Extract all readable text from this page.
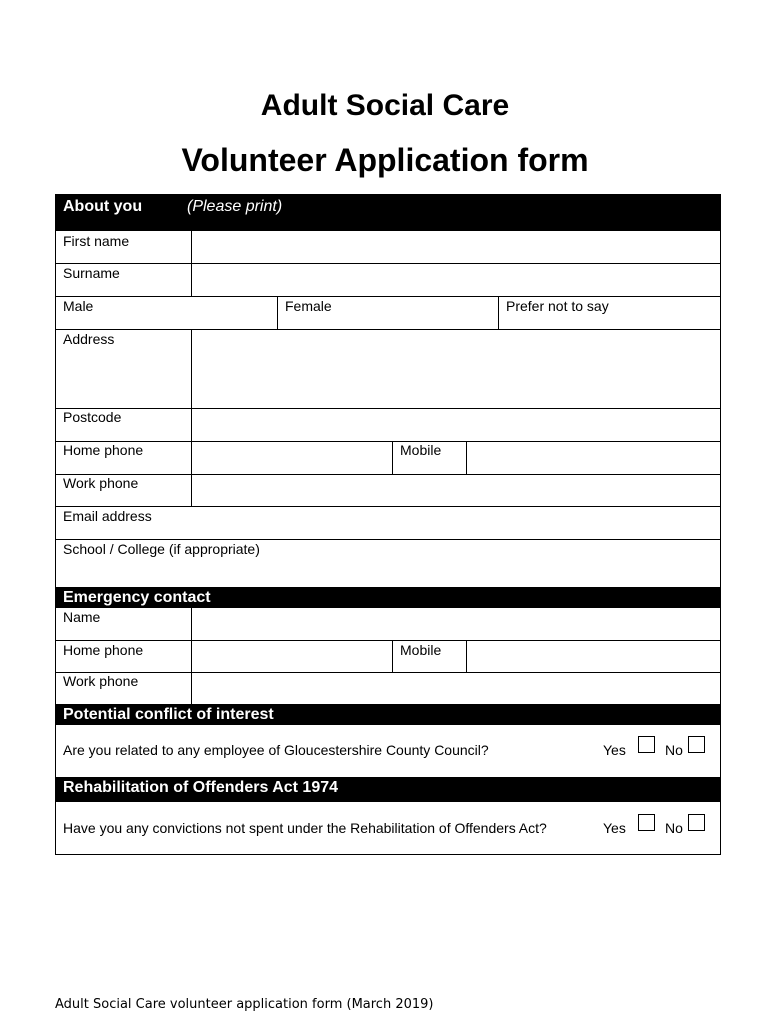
Adult Social Care
Volunteer Application form
About you	(Please print)
First name
Surname
Male	Female	Prefer not to say
Address
Postcode
Home phone	Mobile
Work phone
Email address
School / College (if appropriate)
Emergency contact
Name
Home phone	Mobile
Work phone
Potential conflict of interest
Are you related to any employee of Gloucestershire County Council?	Yes	No
Rehabilitation of Offenders Act 1974
Have you any convictions not spent under the Rehabilitation of Offenders Act?	Yes	No
Adult Social Care volunteer application form (March 2019)
